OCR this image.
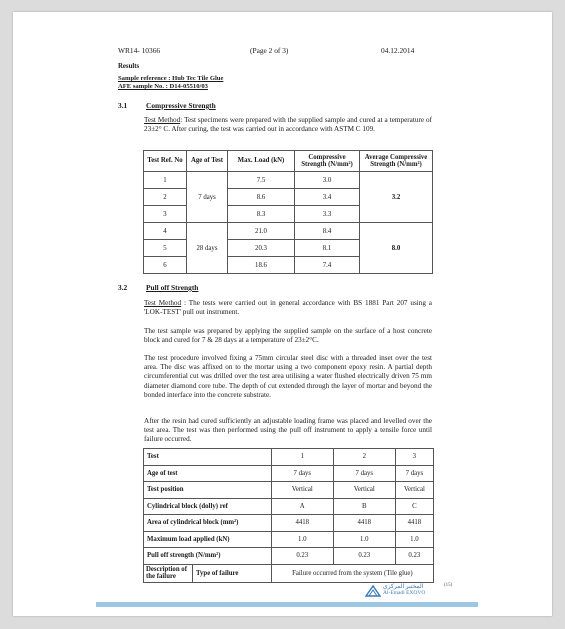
WR14- 10366	(Page 2 of 3)	04.12.2014
Results
Sample reference : Hub Tec Tile Glue
AFE sample No. : D14-05510/03
3.1	Compressive Strength
Test Method: Test specimens were prepared with the supplied sample and cured at a temperature of 23±2° C. After curing, the test was carried out in accordance with ASTM C 109.
Test Ref. No	Age of Test	Max. Load (kN)	Compressive Strength (N/mm²)	Average Compressive Strength (N/mm²)
1	7 days	7.5	3.0	3.2
2		8.6	3.4	
3		8.3	3.3	
4	28 days	21.0	8.4	8.0
5		20.3	8.1	
6		18.6	7.4	
3.2	Pull off Strength
Test Method : The tests were carried out in general accordance with BS 1881 Part 207 using a 'LOK-TEST' pull out instrument.
The test sample was prepared by applying the supplied sample on the surface of a host concrete block and cured for 7 & 28 days at a temperature of 23±2°C.
The test procedure involved fixing a 75mm circular steel disc with a threaded inset over the test area. The disc was affixed on to the mortar using a two component epoxy resin. A partial depth circumferential cut was drilled over the test area utilising a water flushed electrically driven 75 mm diameter diamond core tube. The depth of cut extended through the layer of mortar and beyond the bonded interface into the concrete substrate.
After the resin had cured sufficiently an adjustable loading frame was placed and levelled over the test area. The test was then performed using the pull off instrument to apply a tensile force until failure occurred.
Test		1	2	3
Age of test		7 days	7 days	7 days
Test position		Vertical	Vertical	Vertical
Cylindrical block (dolly) ref		A	B	C
Area of cylindrical block (mm²)		4418	4418	4418
Maximum load applied (kN)		1.0	1.0	1.0
Pull off strength (N/mm²)		0.23	0.23	0.23
Description of the failure	Type of failure	Failure occurred from the system (Tile glue)		
المختبر المركزي
Al-Emadi EXOVO
(15)
